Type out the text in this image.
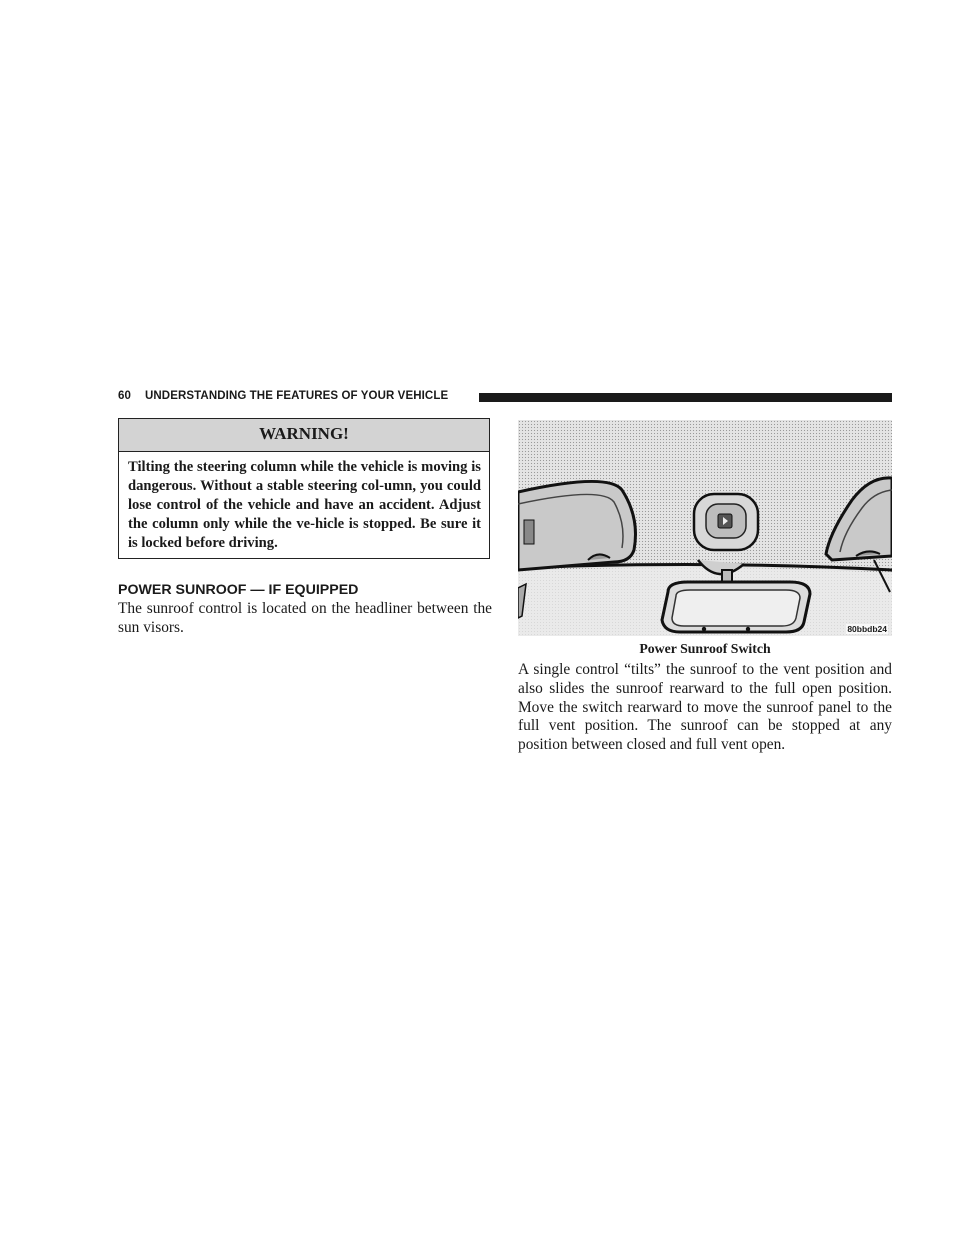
60 UNDERSTANDING THE FEATURES OF YOUR VEHICLE
WARNING!
Tilting the steering column while the vehicle is moving is dangerous. Without a stable steering col-umn, you could lose control of the vehicle and have an accident. Adjust the column only while the ve-hicle is stopped. Be sure it is locked before driving.
POWER SUNROOF — IF EQUIPPED
The sunroof control is located on the headliner between the sun visors.	80bbdb24
Power Sunroof Switch
A single control “tilts” the sunroof to the vent position and also slides the sunroof rearward to the full open position. Move the switch rearward to move the sunroof panel to the full vent position. The sunroof can be stopped at any position between closed and full vent open.
